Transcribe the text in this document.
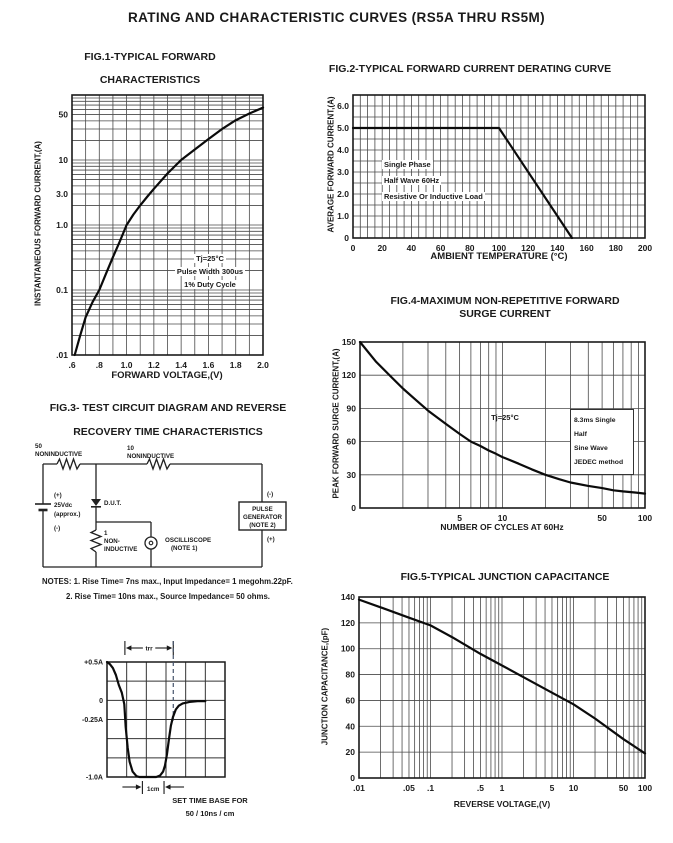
RATING AND CHARACTERISTIC CURVES (RS5A THRU RS5M)
FIG.1-TYPICAL FORWARD
CHARACTERISTICS
INSTANTANEOUS FORWARD CURRENT,(A)
.6 .8 1.0 1.2 1.4 1.6 1.8 2.0
50
10
3.0
1.0
0.1
.01
Tj=25°C
Pulse Width 300us
1% Duty Cycle
FORWARD VOLTAGE,(V)
FIG.2-TYPICAL FORWARD CURRENT DERATING CURVE
AVERAGE FORWARD CURRENT,(A)
0	20 40 60 80 100 120 140 160 180 200
0
1.0
2.0
3.0
4.0
5.0
6.0
Single Phase
Half Wave 60Hz
Resistive Or Inductive Load
AMBIENT TEMPERATURE (°C)
FIG.4-MAXIMUM NON-REPETITIVE FORWARD
SURGE CURRENT
PEAK FORWARD SURGE CURRENT,(A)
5	10	50	100
0
30
60
90
120
150
Tj=25°C	8.3ms Single Half
Sine Wave
JEDEC method
NUMBER OF CYCLES AT 60Hz
FIG.3- TEST CIRCUIT DIAGRAM AND REVERSE
RECOVERY TIME CHARACTERISTICS
50
NONINDUCTIVE
10
NONINDUCTIVE
(+)
25Vdc
(approx.)
(-)
D.U.T.
1
NON-
INDUCTIVE
OSCILLISCOPE
(NOTE 1)
PULSE
GENERATOR
(NOTE 2)
(-)
(+)
NOTES: 1. Rise Time= 7ns max., Input Impedance= 1 megohm.22pF.
2. Rise Time= 10ns max., Source Impedance= 50 ohms.
+0.5A
0
-0.25A
-1.0A
trr
1cm
SET TIME BASE FOR
50 / 10ns / cm
FIG.5-TYPICAL JUNCTION CAPACITANCE
JUNCTION CAPACITANCE,(pF)
.01	.05 .1	.5 1	5 10	50 100
0
20
40
60
80
100
120
140
REVERSE VOLTAGE,(V)
